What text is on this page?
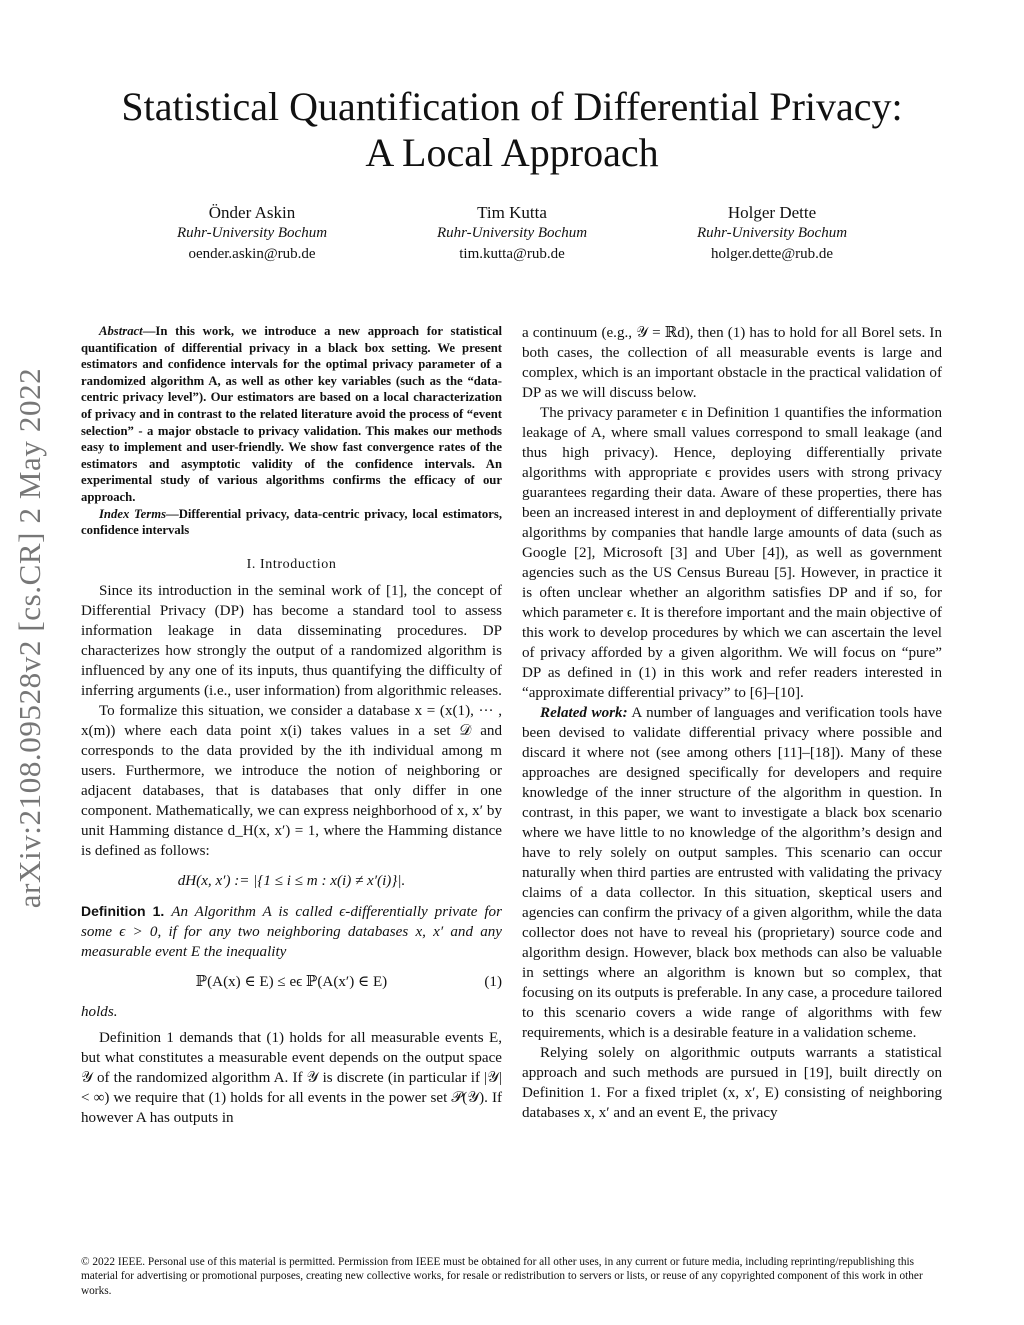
arXiv:2108.09528v2 [cs.CR] 2 May 2022
Statistical Quantification of Differential Privacy:
A Local Approach
Önder Askin
Ruhr-University Bochum
oender.askin@rub.de
Tim Kutta
Ruhr-University Bochum
tim.kutta@rub.de
Holger Dette
Ruhr-University Bochum
holger.dette@rub.de

Abstract—In this work, we introduce a new approach for statistical quantification of differential privacy in a black box setting. We present estimators and confidence intervals for the optimal privacy parameter of a randomized algorithm A, as well as other key variables (such as the “data-centric privacy level”). Our estimators are based on a local characterization of privacy and in contrast to the related literature avoid the process of “event selection” - a major obstacle to privacy validation. This makes our methods easy to implement and user-friendly. We show fast convergence rates of the estimators and asymptotic validity of the confidence intervals. An experimental study of various algorithms confirms the efficacy of our approach.

Index Terms—Differential privacy, data-centric privacy, local estimators, confidence intervals

I. Introduction

Since its introduction in the seminal work of [1], the concept of Differential Privacy (DP) has become a standard tool to assess information leakage in data disseminating procedures. DP characterizes how strongly the output of a randomized algorithm is influenced by any one of its inputs, thus quantifying the difficulty of inferring arguments (i.e., user information) from algorithmic releases.

To formalize this situation, we consider a database x = (x(1), ··· , x(m)) where each data point x(i) takes values in a set 𝒟 and corresponds to the data provided by the ith individual among m users. Furthermore, we introduce the notion of neighboring or adjacent databases, that is databases that only differ in one component. Mathematically, we can express neighborhood of x, x′ by unit Hamming distance d_H(x, x′) = 1, where the Hamming distance is defined as follows:

dH(x, x′) := |{1 ≤ i ≤ m : x(i) ≠ x′(i)}|.

Definition 1. An Algorithm A is called ϵ-differentially private for some ϵ > 0, if for any two neighboring databases x, x′ and any measurable event E the inequality

ℙ(A(x) ∈ E) ≤ eϵ ℙ(A(x′) ∈ E)	(1)

holds.

Definition 1 demands that (1) holds for all measurable events E, but what constitutes a measurable event depends on the output space 𝒴 of the randomized algorithm A. If 𝒴 is discrete (in particular if |𝒴| < ∞) we require that (1) holds for all events in the power set 𝒫(𝒴). If however A has outputs in

a continuum (e.g., 𝒴 = ℝd), then (1) has to hold for all Borel sets. In both cases, the collection of all measurable events is large and complex, which is an important obstacle in the practical validation of DP as we will discuss below.

The privacy parameter ϵ in Definition 1 quantifies the information leakage of A, where small values correspond to small leakage (and thus high privacy). Hence, deploying differentially private algorithms with appropriate ϵ provides users with strong privacy guarantees regarding their data. Aware of these properties, there has been an increased interest in and deployment of differentially private algorithms by companies that handle large amounts of data (such as Google [2], Microsoft [3] and Uber [4]), as well as government agencies such as the US Census Bureau [5]. However, in practice it is often unclear whether an algorithm satisfies DP and if so, for which parameter ϵ. It is therefore important and the main objective of this work to develop procedures by which we can ascertain the level of privacy afforded by a given algorithm. We will focus on “pure” DP as defined in (1) in this work and refer readers interested in “approximate differential privacy” to [6]–[10].

Related work: A number of languages and verification tools have been devised to validate differential privacy where possible and discard it where not (see among others [11]–[18]). Many of these approaches are designed specifically for developers and require knowledge of the inner structure of the algorithm in question. In contrast, in this paper, we want to investigate a black box scenario where we have little to no knowledge of the algorithm’s design and have to rely solely on output samples. This scenario can occur naturally when third parties are entrusted with validating the privacy claims of a data collector. In this situation, skeptical users and agencies can confirm the privacy of a given algorithm, while the data collector does not have to reveal his (proprietary) source code and algorithm design. However, black box methods can also be valuable in settings where an algorithm is known but so complex, that focusing on its outputs is preferable. In any case, a procedure tailored to this scenario covers a wide range of algorithms with few requirements, which is a desirable feature in a validation scheme.

Relying solely on algorithmic outputs warrants a statistical approach and such methods are pursued in [19], built directly on Definition 1. For a fixed triplet (x, x′, E) consisting of neighboring databases x, x′ and an event E, the privacy

© 2022 IEEE. Personal use of this material is permitted. Permission from IEEE must be obtained for all other uses, in any current or future media, including reprinting/republishing this material for advertising or promotional purposes, creating new collective works, for resale or redistribution to servers or lists, or reuse of any copyrighted component of this work in other works.
